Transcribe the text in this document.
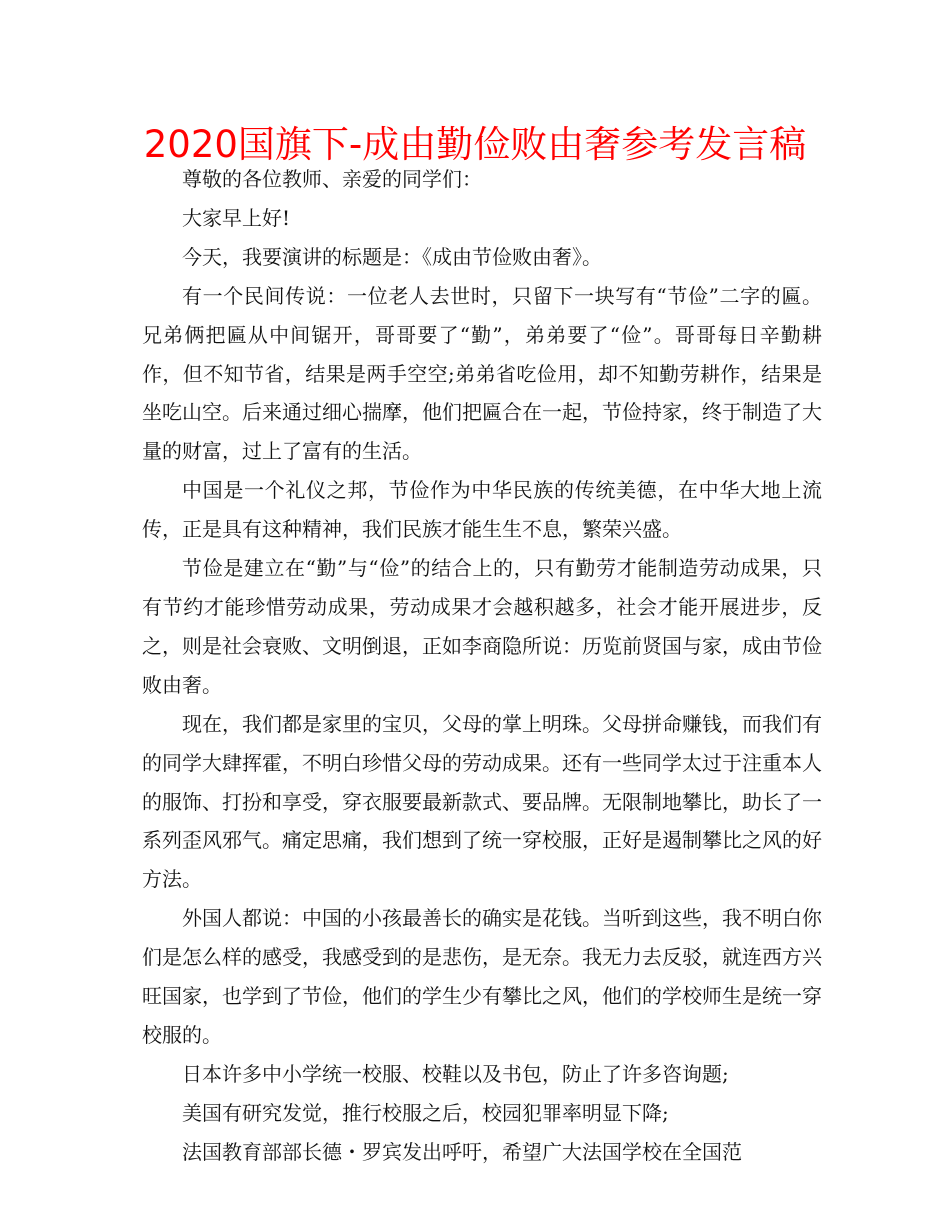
2020国旗下-成由勤俭败由奢参考发言稿

尊敬的各位教师、亲爱的同学们：

大家早上好!

今天，我要演讲的标题是：《成由节俭败由奢》。

有一个民间传说：一位老人去世时，只留下一块写有“节俭”二字的匾。兄弟俩把匾从中间锯开，哥哥要了“勤”，弟弟要了“俭”。哥哥每日辛勤耕作，但不知节省，结果是两手空空;弟弟省吃俭用，却不知勤劳耕作，结果是坐吃山空。后来通过细心揣摩，他们把匾合在一起，节俭持家，终于制造了大量的财富，过上了富有的生活。

中国是一个礼仪之邦，节俭作为中华民族的传统美德，在中华大地上流传，正是具有这种精神，我们民族才能生生不息，繁荣兴盛。

节俭是建立在“勤”与“俭”的结合上的，只有勤劳才能制造劳动成果，只有节约才能珍惜劳动成果，劳动成果才会越积越多，社会才能开展进步，反之，则是社会衰败、文明倒退，正如李商隐所说：历览前贤国与家，成由节俭败由奢。

现在，我们都是家里的宝贝，父母的掌上明珠。父母拼命赚钱，而我们有的同学大肆挥霍，不明白珍惜父母的劳动成果。还有一些同学太过于注重本人的服饰、打扮和享受，穿衣服要最新款式、要品牌。无限制地攀比，助长了一系列歪风邪气。痛定思痛，我们想到了统一穿校服，正好是遏制攀比之风的好方法。

外国人都说：中国的小孩最善长的确实是花钱。当听到这些，我不明白你们是怎么样的感受，我感受到的是悲伤，是无奈。我无力去反驳，就连西方兴旺国家，也学到了节俭，他们的学生少有攀比之风，他们的学校师生是统一穿校服的。

日本许多中小学统一校服、校鞋以及书包，防止了许多咨询题;

美国有研究发觉，推行校服之后，校园犯罪率明显下降;

法国教育部部长德・罗宾发出呼吁，希望广大法国学校在全国范
